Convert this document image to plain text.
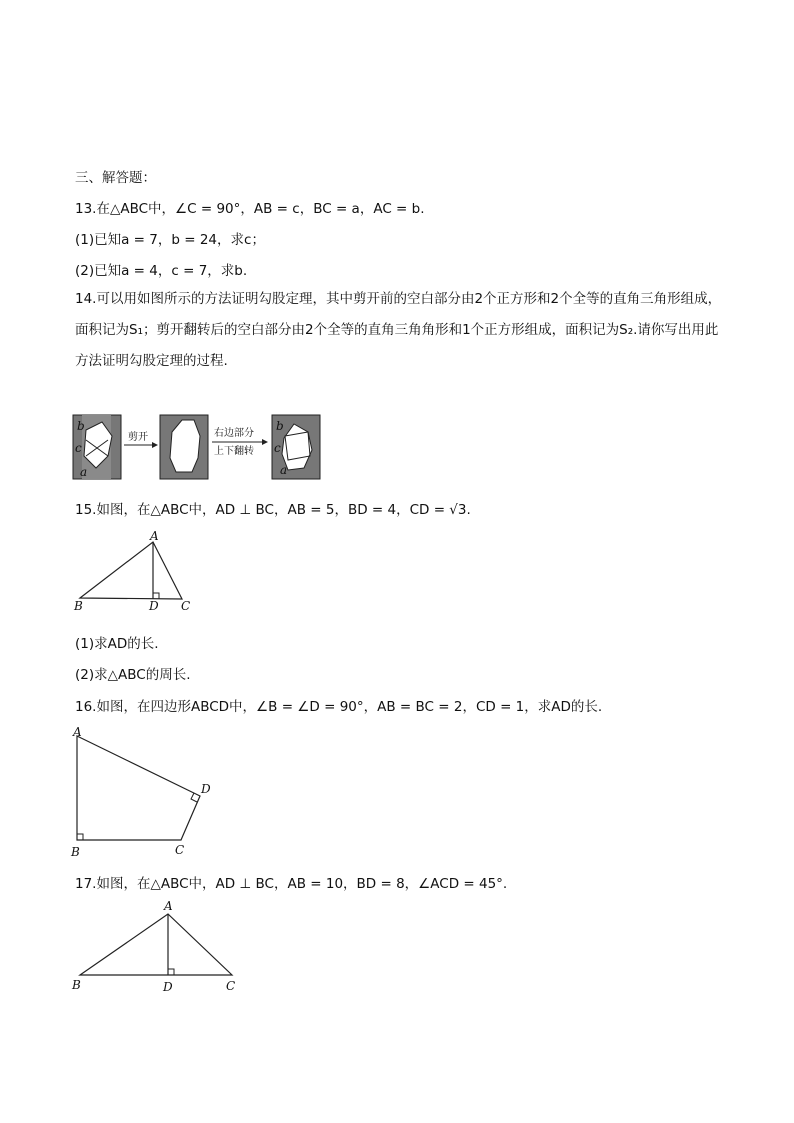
三、解答题：
13.在△ABC中，∠C = 90°，AB = c，BC = a，AC = b.
(1)已知a = 7，b = 24，求c；
(2)已知a = 4，c = 7，求b.
14.可以用如图所示的方法证明勾股定理，其中剪开前的空白部分由2个正方形和2个全等的直角三角形组成，面积记为S₁；剪开翻转后的空白部分由2个全等的直角三角角形和1个正方形组成，面积记为S₂.请你写出用此方法证明勾股定理的过程.
b
c
a
剪开	右边部分
上下翻转
b
c
a
15.如图，在△ABC中，AD ⊥ BC，AB = 5，BD = 4，CD = √3.
A
B	D C
(1)求AD的长.
(2)求△ABC的周长.
16.如图，在四边形ABCD中，∠B = ∠D = 90°，AB = BC = 2，CD = 1，求AD的长.
A
B	C
D
17.如图，在△ABC中，AD ⊥ BC，AB = 10，BD = 8，∠ACD = 45°.
A
B	D	C
